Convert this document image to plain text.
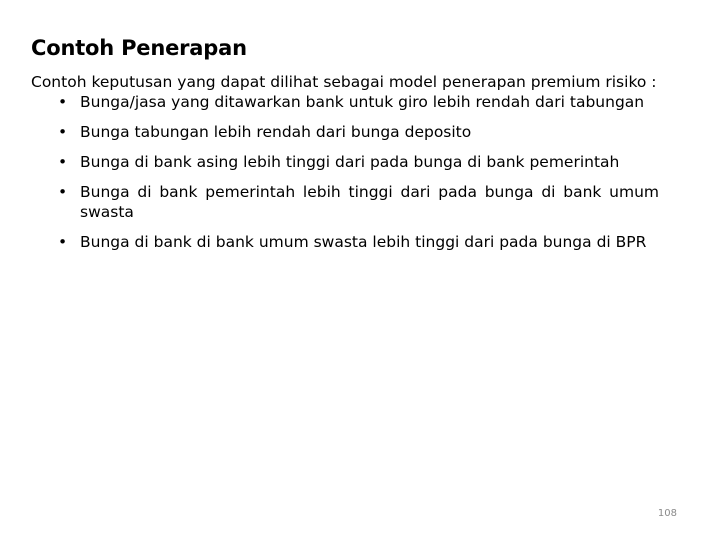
Contoh Penerapan

Contoh keputusan yang dapat dilihat sebagai model penerapan premium risiko :

• Bunga/jasa yang ditawarkan bank untuk giro lebih rendah dari tabungan
• Bunga tabungan lebih rendah dari bunga deposito
• Bunga di bank asing lebih tinggi dari pada bunga di bank pemerintah
• Bunga di bank pemerintah lebih tinggi dari pada bunga di bank umum swasta
• Bunga di bank di bank umum swasta lebih tinggi dari pada bunga di BPR
108
